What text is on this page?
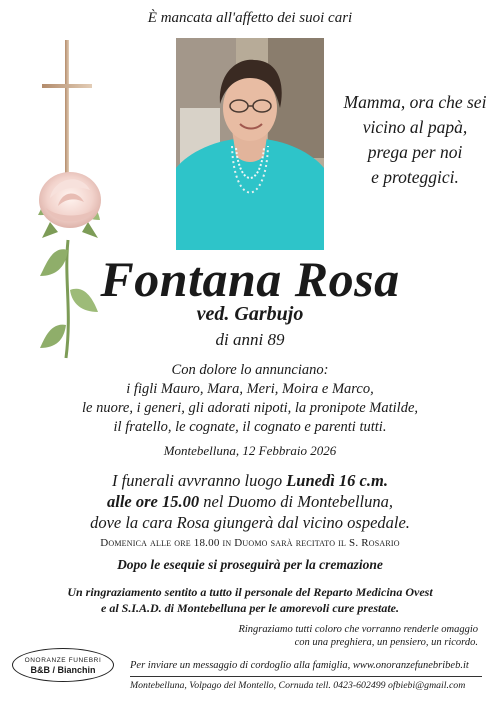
È mancata all'affetto dei suoi cari
Mamma, ora che sei
vicino al papà,
prega per noi
e proteggici.
Fontana Rosa
ved. Garbujo
di anni 89
Con dolore lo annunciano:
i figli Mauro, Mara, Meri, Moira e Marco,
le nuore, i generi, gli adorati nipoti, la pronipote Matilde,
il fratello, le cognate, il cognato e parenti tutti.
Montebelluna, 12 Febbraio 2026
I funerali avvranno luogo Lunedì 16 c.m.
alle ore 15.00 nel Duomo di Montebelluna,
dove la cara Rosa giungerà dal vicino ospedale.
Domenica alle ore 18.00 in Duomo sarà recitato il S. Rosario
Dopo le esequie si proseguirà per la cremazione
Un ringraziamento sentito a tutto il personale del Reparto Medicina Ovest
e al S.I.A.D. di Montebelluna per le amorevoli cure prestate.
Ringraziamo tutti coloro che vorranno renderle omaggio
con una preghiera, un pensiero, un ricordo.
ONORANZE FUNEBRI
B&B / Bianchin	Per inviare un messaggio di cordoglio alla famiglia, www.onoranzefunebribeb.it
Montebelluna, Volpago del Montello, Cornuda tell. 0423-602499 ofbiebi@gmail.com
